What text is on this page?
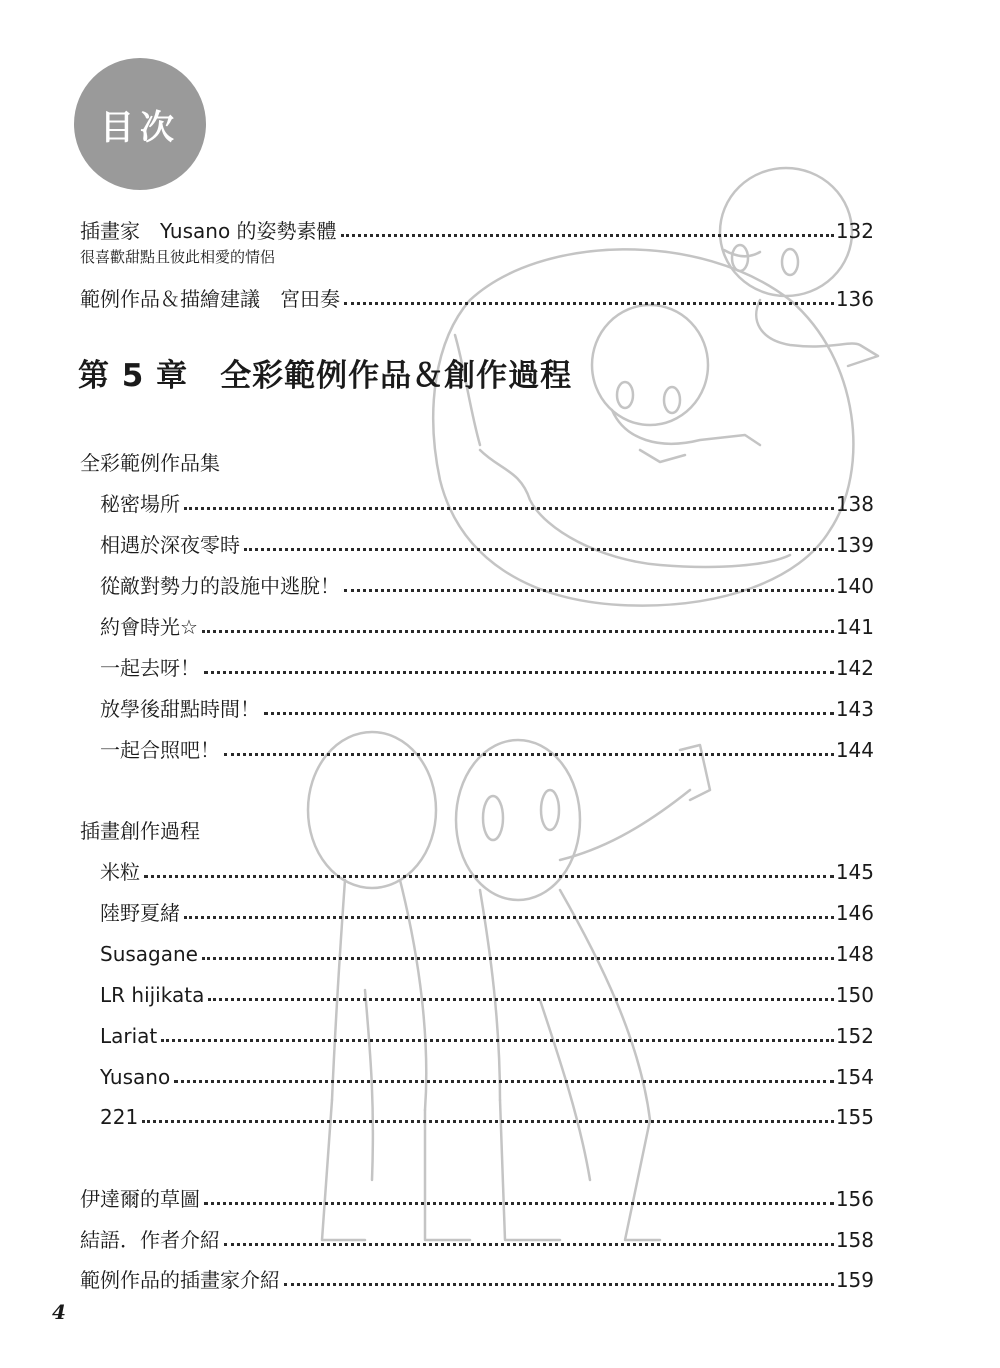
目次
插畫家　Yusano 的姿勢素體	132
很喜歡甜點且彼此相愛的情侶
範例作品＆描繪建議　宮田奏	136
第 5 章　全彩範例作品＆創作過程
全彩範例作品集
秘密場所	138
相遇於深夜零時	139
從敵對勢力的設施中逃脫！	140
約會時光☆	141
一起去呀！	142
放學後甜點時間！	143
一起合照吧！	144
插畫創作過程
米粒	145
陸野夏緒	146
Susagane	148
LR hijikata	150
Lariat	152
Yusano	154
221	155
伊達爾的草圖	156
結語．作者介紹	158
範例作品的插畫家介紹	159
4
